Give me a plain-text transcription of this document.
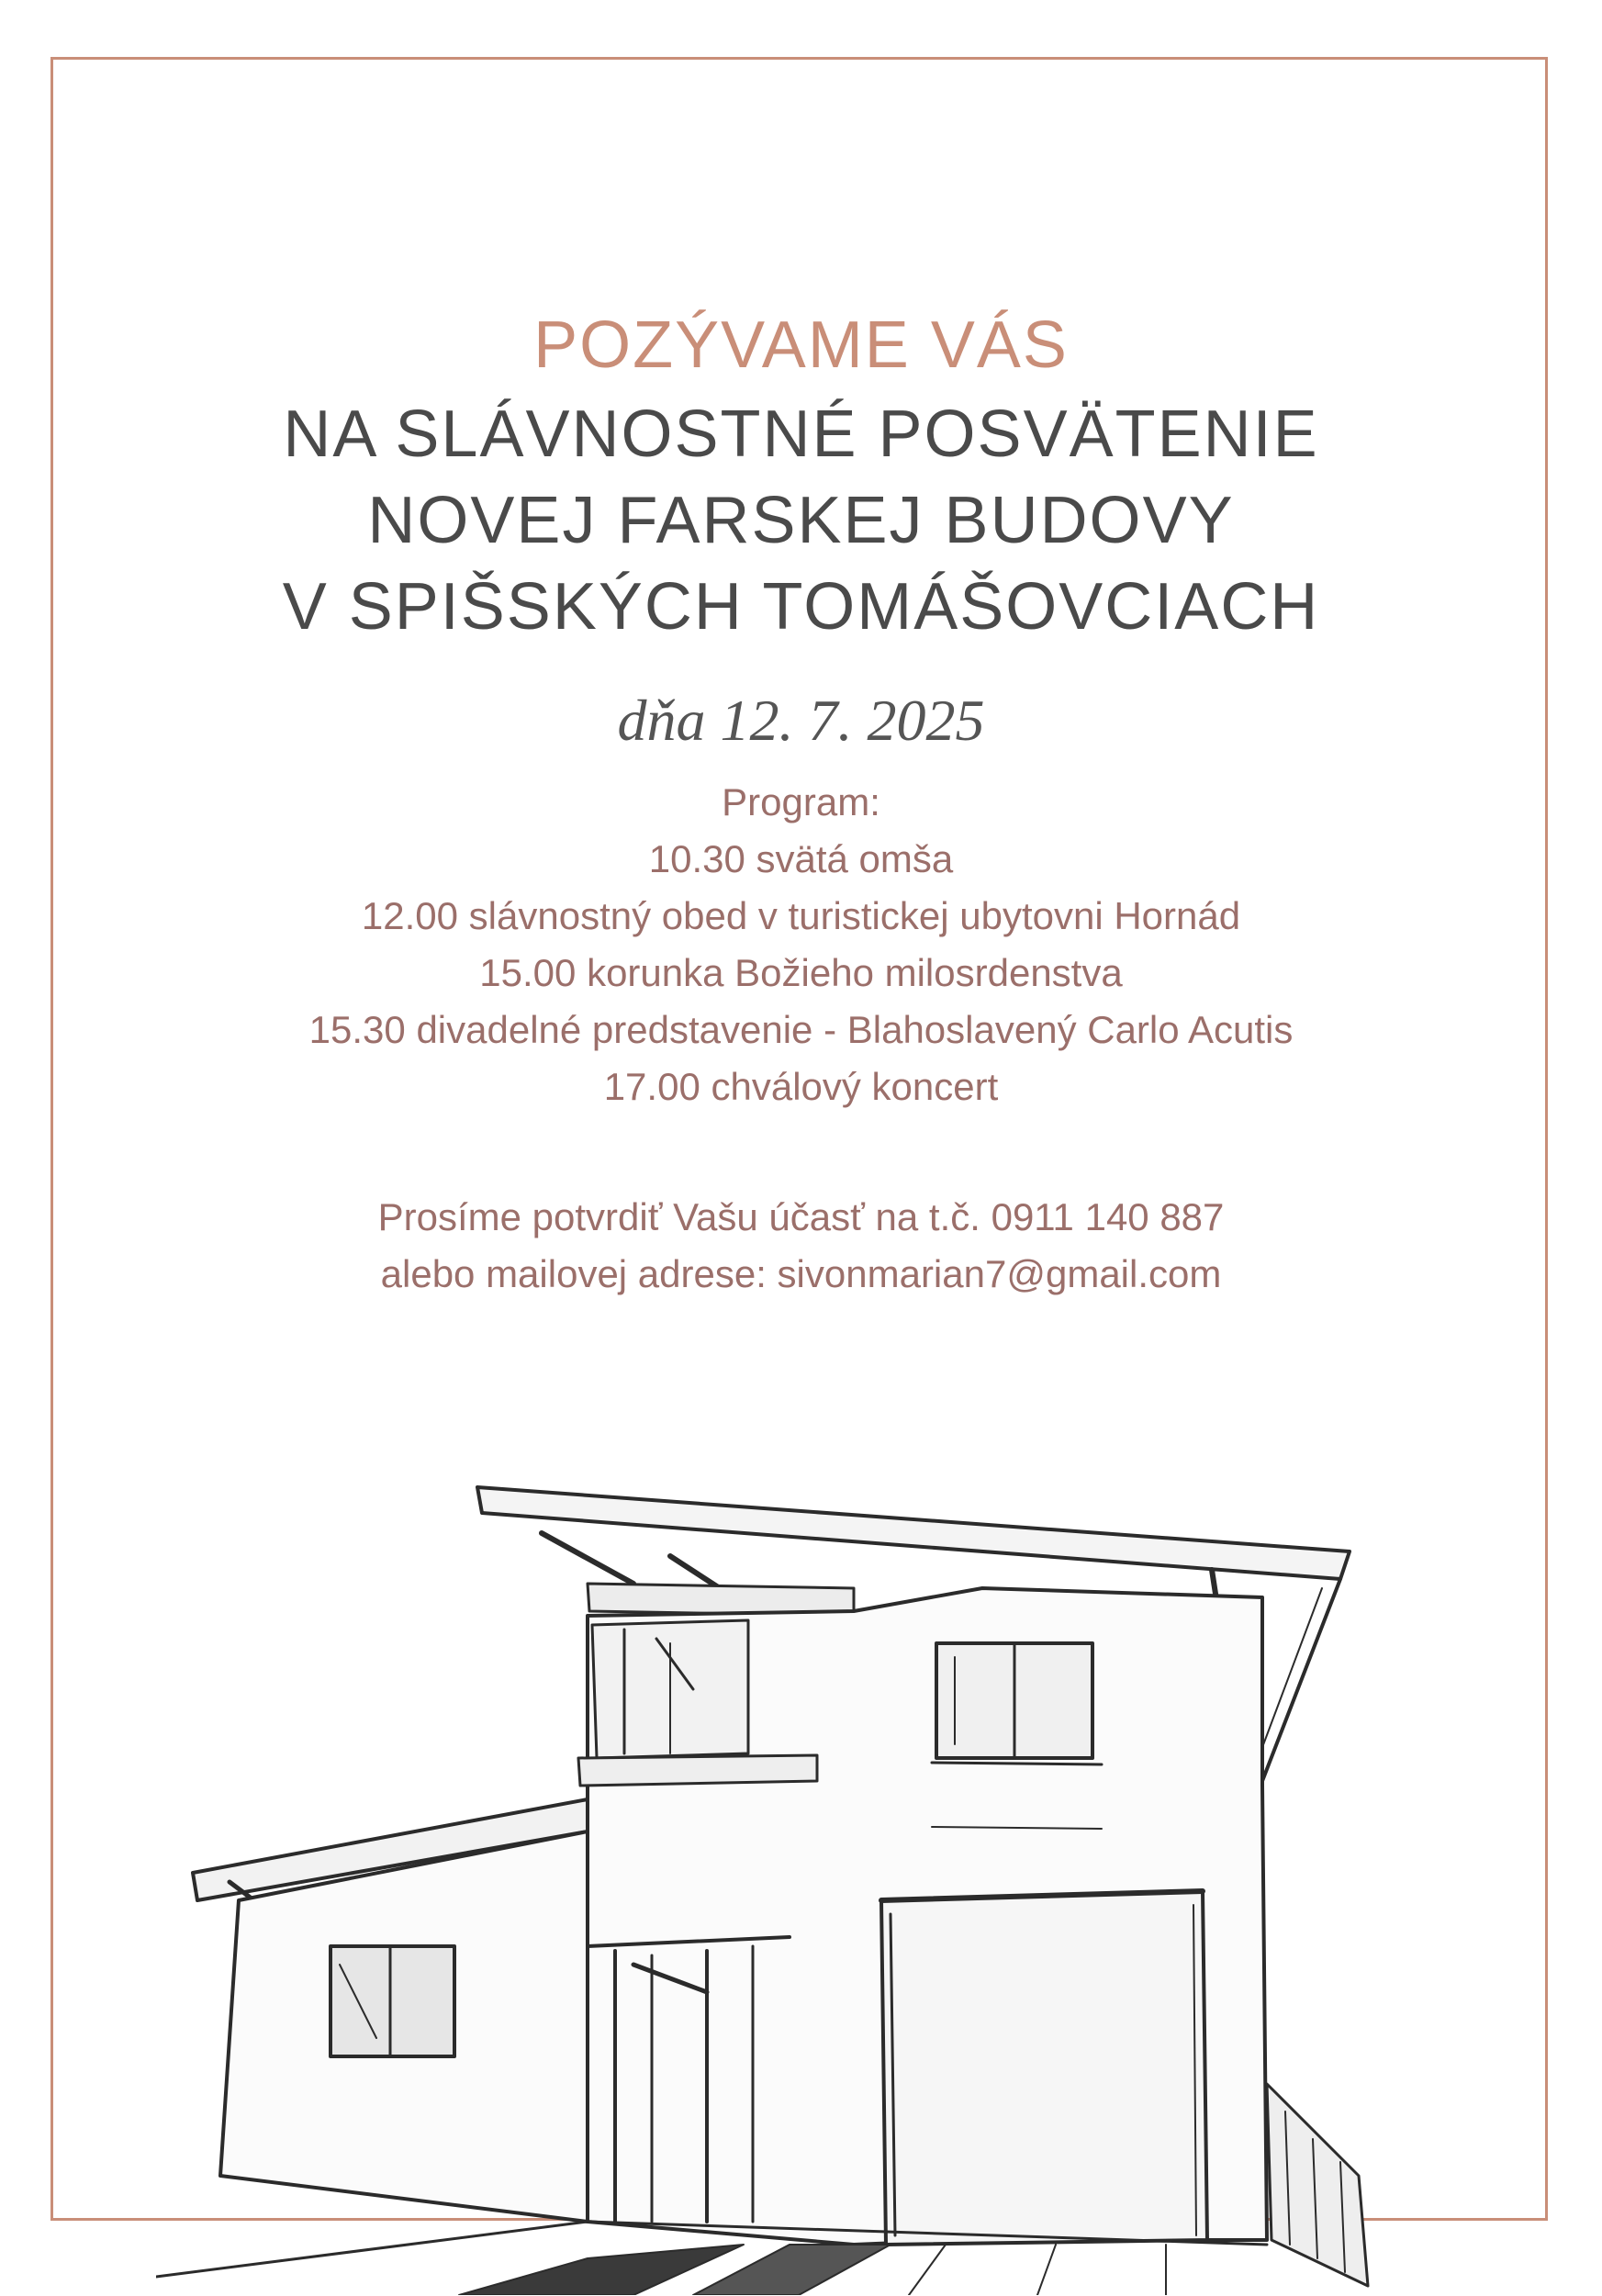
POZÝVAME VÁS
NA SLÁVNOSTNÉ POSVÄTENIE
NOVEJ FARSKEJ BUDOVY
V SPIŠSKÝCH TOMÁŠOVCIACH
dňa 12. 7. 2025
Program:
10.30 svätá omša
12.00 slávnostný obed v turistickej ubytovni Hornád
15.00 korunka Božieho milosrdenstva
15.30 divadelné predstavenie - Blahoslavený Carlo Acutis
17.00 chválový koncert
Prosíme potvrdiť Vašu účasť na t.č. 0911 140 887
alebo mailovej adrese: sivonmarian7@gmail.com
